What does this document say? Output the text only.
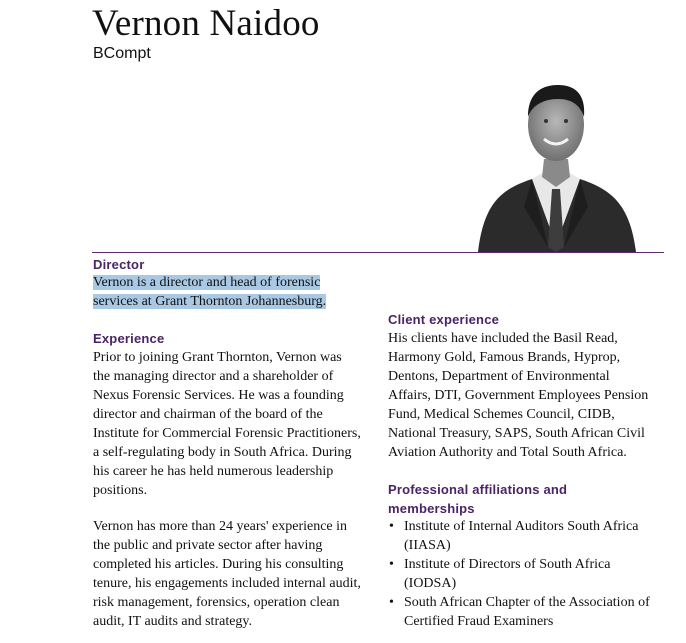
Vernon Naidoo
BCompt
Director
Vernon is a director and head of forensic
services at Grant Thornton Johannesburg.
Experience
Prior to joining Grant Thornton, Vernon was
the managing director and a shareholder of
Nexus Forensic Services. He was a founding
director and chairman of the board of the
Institute for Commercial Forensic Practitioners,
a self-regulating body in South Africa. During
his career he has held numerous leadership
positions.
Vernon has more than 24 years' experience in
the public and private sector after having
completed his articles. During his consulting
tenure, his engagements included internal audit,
risk management, forensics, operation clean
audit, IT audits and strategy.
Client experience
His clients have included the Basil Read,
Harmony Gold, Famous Brands, Hyprop,
Dentons, Department of Environmental
Affairs, DTI, Government Employees Pension
Fund, Medical Schemes Council, CIDB,
National Treasury, SAPS, South African Civil
Aviation Authority and Total South Africa.
Professional affiliations and
memberships
• Institute of Internal Auditors South Africa
(IIASA)
• Institute of Directors of South Africa
(IODSA)
• South African Chapter of the Association of
Certified Fraud Examiners
